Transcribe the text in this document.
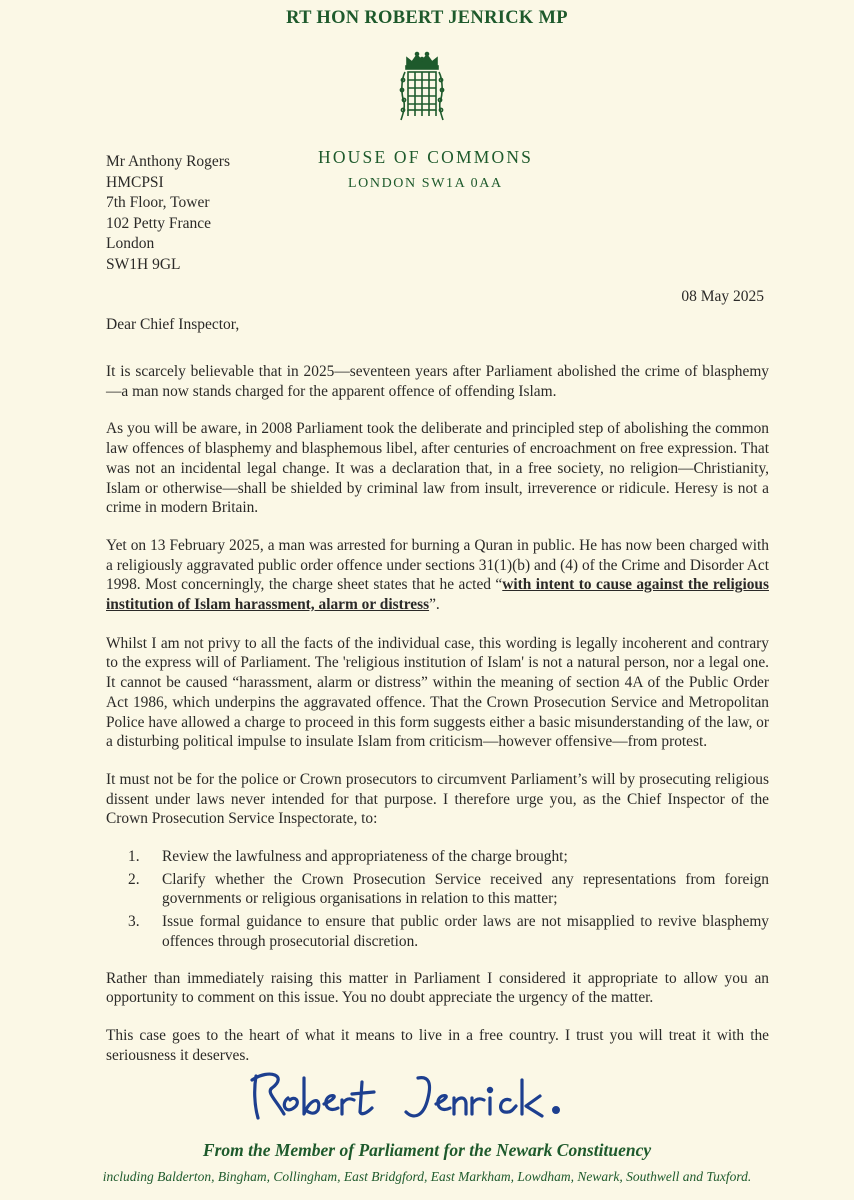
RT HON ROBERT JENRICK MP
HOUSE OF COMMONS
LONDON SW1A 0AA
Mr Anthony Rogers
HMCPSI
7th Floor, Tower
102 Petty France
London
SW1H 9GL
08 May 2025
Dear Chief Inspector,

It is scarcely believable that in 2025—seventeen years after Parliament abolished the crime of blasphemy—a man now stands charged for the apparent offence of offending Islam.

As you will be aware, in 2008 Parliament took the deliberate and principled step of abolishing the common law offences of blasphemy and blasphemous libel, after centuries of encroachment on free expression. That was not an incidental legal change. It was a declaration that, in a free society, no religion—Christianity, Islam or otherwise—shall be shielded by criminal law from insult, irreverence or ridicule. Heresy is not a crime in modern Britain.

Yet on 13 February 2025, a man was arrested for burning a Quran in public. He has now been charged with a religiously aggravated public order offence under sections 31(1)(b) and (4) of the Crime and Disorder Act 1998. Most concerningly, the charge sheet states that he acted “with intent to cause against the religious institution of Islam harassment, alarm or distress”.

Whilst I am not privy to all the facts of the individual case, this wording is legally incoherent and contrary to the express will of Parliament. The 'religious institution of Islam' is not a natural person, nor a legal one. It cannot be caused “harassment, alarm or distress” within the meaning of section 4A of the Public Order Act 1986, which underpins the aggravated offence. That the Crown Prosecution Service and Metropolitan Police have allowed a charge to proceed in this form suggests either a basic misunderstanding of the law, or a disturbing political impulse to insulate Islam from criticism—however offensive—from protest.

It must not be for the police or Crown prosecutors to circumvent Parliament’s will by prosecuting religious dissent under laws never intended for that purpose. I therefore urge you, as the Chief Inspector of the Crown Prosecution Service Inspectorate, to:

1.	Review the lawfulness and appropriateness of the charge brought;
2.	Clarify whether the Crown Prosecution Service received any representations from foreign governments or religious organisations in relation to this matter;
3.	Issue formal guidance to ensure that public order laws are not misapplied to revive blasphemy offences through prosecutorial discretion.

Rather than immediately raising this matter in Parliament I considered it appropriate to allow you an opportunity to comment on this issue. You no doubt appreciate the urgency of the matter.

This case goes to the heart of what it means to live in a free country. I trust you will treat it with the seriousness it deserves.

From the Member of Parliament for the Newark Constituency
including Balderton, Bingham, Collingham, East Bridgford, East Markham, Lowdham, Newark, Southwell and Tuxford.
